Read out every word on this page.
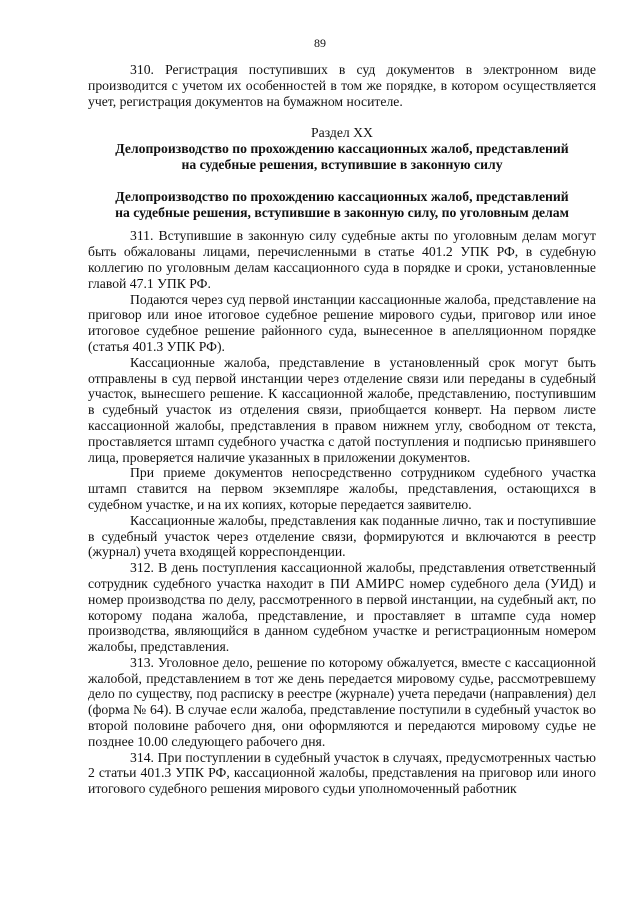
89

310. Регистрация поступивших в суд документов в электронном виде производится с учетом их особенностей в том же порядке, в котором осуществляется учет, регистрация документов на бумажном носителе.

Раздел XX

Делопроизводство по прохождению кассационных жалоб, представлений

на судебные решения, вступившие в законную силу

Делопроизводство по прохождению кассационных жалоб, представлений

на судебные решения, вступившие в законную силу, по уголовным делам

311. Вступившие в законную силу судебные акты по уголовным делам могут быть обжалованы лицами, перечисленными в статье 401.2 УПК РФ, в судебную коллегию по уголовным делам кассационного суда в порядке и сроки, установленные главой 47.1 УПК РФ.

Подаются через суд первой инстанции кассационные жалоба, представление на приговор или иное итоговое судебное решение мирового судьи, приговор или иное итоговое судебное решение районного суда, вынесенное в апелляционном порядке (статья 401.3 УПК РФ).

Кассационные жалоба, представление в установленный срок могут быть отправлены в суд первой инстанции через отделение связи или переданы в судебный участок, вынесшего решение. К кассационной жалобе, представлению, поступившим в судебный участок из отделения связи, приобщается конверт. На первом листе кассационной жалобы, представления в правом нижнем углу, свободном от текста, проставляется штамп судебного участка с датой поступления и подписью принявшего лица, проверяется наличие указанных в приложении документов.

При приеме документов непосредственно сотрудником судебного участка штамп ставится на первом экземпляре жалобы, представления, остающихся в судебном участке, и на их копиях, которые передается заявителю.

Кассационные жалобы, представления как поданные лично, так и поступившие в судебный участок через отделение связи, формируются и включаются в реестр (журнал) учета входящей корреспонденции.

312. В день поступления кассационной жалобы, представления ответственный сотрудник судебного участка находит в ПИ АМИРС номер судебного дела (УИД) и номер производства по делу, рассмотренного в первой инстанции, на судебный акт, по которому подана жалоба, представление, и проставляет в штампе суда номер производства, являющийся в данном судебном участке и регистрационным номером жалобы, представления.

313. Уголовное дело, решение по которому обжалуется, вместе с кассационной жалобой, представлением в тот же день передается мировому судье, рассмотревшему дело по существу, под расписку в реестре (журнале) учета передачи (направления) дел (форма № 64). В случае если жалоба, представление поступили в судебный участок во второй половине рабочего дня, они оформляются и передаются мировому судье не позднее 10.00 следующего рабочего дня.

314. При поступлении в судебный участок в случаях, предусмотренных частью 2 статьи 401.3 УПК РФ, кассационной жалобы, представления на приговор или иного итогового судебного решения мирового судьи уполномоченный работник
